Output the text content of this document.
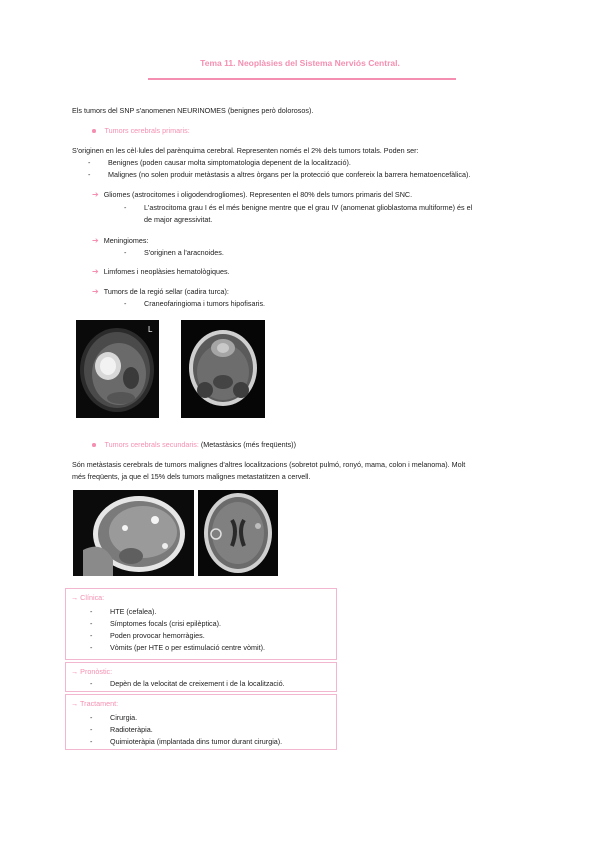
Tema 11. Neoplàsies del Sistema Nerviós Central.
Els tumors del SNP s'anomenen NEURINOMES (benignes però dolorosos).
Tumors cerebrals primaris:
S'originen en les cèl·lules del parènquima cerebral. Representen només el 2% dels tumors totals. Poden ser:
- Benignes (poden causar molta simptomatologia depenent de la localització).
- Malignes (no solen produir metàstasis a altres òrgans per la protecció que confereix la barrera hematoencefàlica).
➔ Gliomes (astrocitomes i oligodendrogliomes). Representen el 80% dels tumors primaris del SNC.
- L'astrocitoma grau I és el més benigne mentre que el grau IV (anomenat glioblastoma multiforme) és el
de major agressivitat.
➔ Meningiomes:
- S'originen a l'aracnoides.
➔ Limfomes i neoplàsies hematològiques.
➔ Tumors de la regió sellar (cadira turca):
- Craneofaringioma i tumors hipofisaris.
L
Tumors cerebrals secundaris: (Metastàsics (més freqüents))
Són metàstasis cerebrals de tumors malignes d'altres localitzacions (sobretot pulmó, ronyó, mama, colon i melanoma). Molt
més freqüents, ja que el 15% dels tumors malignes metastatitzen a cervell.
→ Clínica:
- HTE (cefalea).
- Símptomes focals (crisi epilèptica).
- Poden provocar hemorràgies.
- Vòmits (per HTE o per estimulació centre vòmit).
→ Pronòstic:
- Depèn de la velocitat de creixement i de la localització.
→ Tractament:
- Cirurgia.
- Radioteràpia.
- Quimioteràpia (implantada dins tumor durant cirurgia).
